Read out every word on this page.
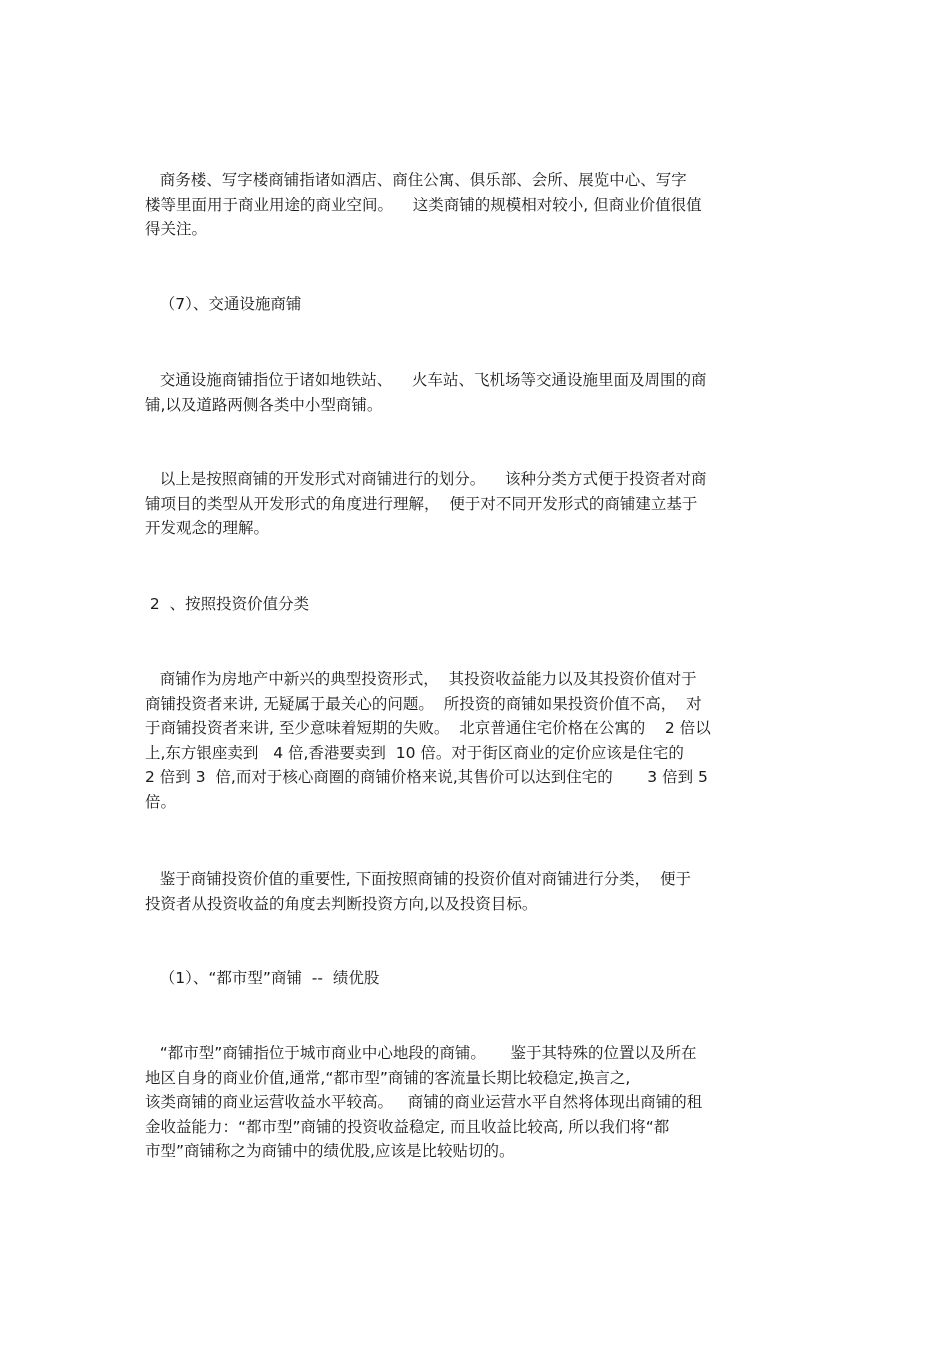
商务楼、写字楼商铺指诸如酒店、商住公寓、俱乐部、会所、展览中心、写字
楼等里面用于商业用途的商业空间。    这类商铺的规模相对较小, 但商业价值很值
得关注。
（7）、交通设施商铺
交通设施商铺指位于诸如地铁站、    火车站、飞机场等交通设施里面及周围的商
铺,以及道路两侧各类中小型商铺。
以上是按照商铺的开发形式对商铺进行的划分。    该种分类方式便于投资者对商
铺项目的类型从开发形式的角度进行理解，  便于对不同开发形式的商铺建立基于
开发观念的理解。
2  、按照投资价值分类
商铺作为房地产中新兴的典型投资形式，  其投资收益能力以及其投资价值对于
商铺投资者来讲, 无疑属于最关心的问题。  所投资的商铺如果投资价值不高，  对
于商铺投资者来讲, 至少意味着短期的失败。  北京普通住宅价格在公寓的    2 倍以
上,东方银座卖到   4 倍,香港要卖到  10 倍。对于街区商业的定价应该是住宅的
2 倍到 3  倍,而对于核心商圈的商铺价格来说,其售价可以达到住宅的       3 倍到 5
倍。
鉴于商铺投资价值的重要性, 下面按照商铺的投资价值对商铺进行分类，  便于
投资者从投资收益的角度去判断投资方向,以及投资目标。
（1）、“都市型”商铺  --  绩优股
“都市型”商铺指位于城市商业中心地段的商铺。     鉴于其特殊的位置以及所在
地区自身的商业价值,通常,“都市型”商铺的客流量长期比较稳定,换言之,
该类商铺的商业运营收益水平较高。   商铺的商业运营水平自然将体现出商铺的租
金收益能力：“都市型”商铺的投资收益稳定, 而且收益比较高, 所以我们将“都
市型”商铺称之为商铺中的绩优股,应该是比较贴切的。
